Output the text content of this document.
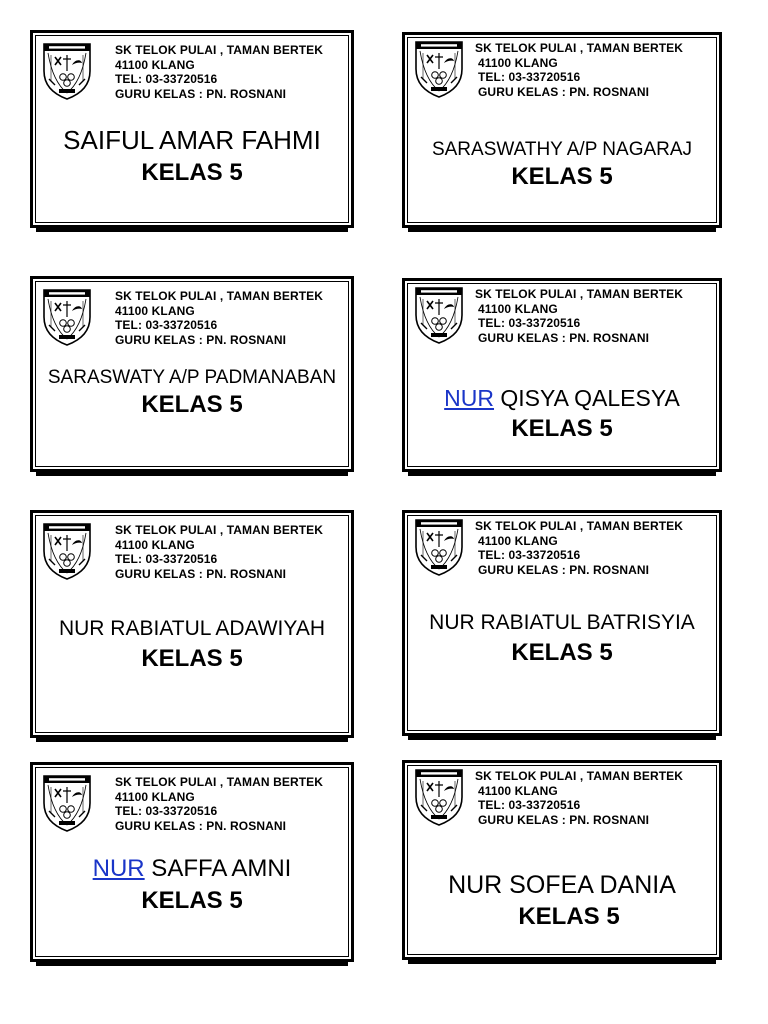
SK TELOK PULAI , TAMAN BERTEK
41100 KLANG
TEL: 03-33720516
GURU KELAS : PN. ROSNANI
SAIFUL AMAR FAHMI
KELAS 5
SK TELOK PULAI , TAMAN BERTEK
41100 KLANG
TEL: 03-33720516
GURU KELAS : PN. ROSNANI
SARASWATHY A/P NAGARAJ
KELAS 5
SK TELOK PULAI , TAMAN BERTEK
41100 KLANG
TEL: 03-33720516
GURU KELAS : PN. ROSNANI
SARASWATY A/P PADMANABAN
KELAS 5
SK TELOK PULAI , TAMAN BERTEK
41100 KLANG
TEL: 03-33720516
GURU KELAS : PN. ROSNANI
NUR QISYA QALESYA
KELAS 5
SK TELOK PULAI , TAMAN BERTEK
41100 KLANG
TEL: 03-33720516
GURU KELAS : PN. ROSNANI
NUR RABIATUL ADAWIYAH
KELAS 5
SK TELOK PULAI , TAMAN BERTEK
41100 KLANG
TEL: 03-33720516
GURU KELAS : PN. ROSNANI
NUR RABIATUL BATRISYIA
KELAS 5
SK TELOK PULAI , TAMAN BERTEK
41100 KLANG
TEL: 03-33720516
GURU KELAS : PN. ROSNANI
NUR SAFFA AMNI
KELAS 5
SK TELOK PULAI , TAMAN BERTEK
41100 KLANG
TEL: 03-33720516
GURU KELAS : PN. ROSNANI
NUR SOFEA DANIA
KELAS 5
